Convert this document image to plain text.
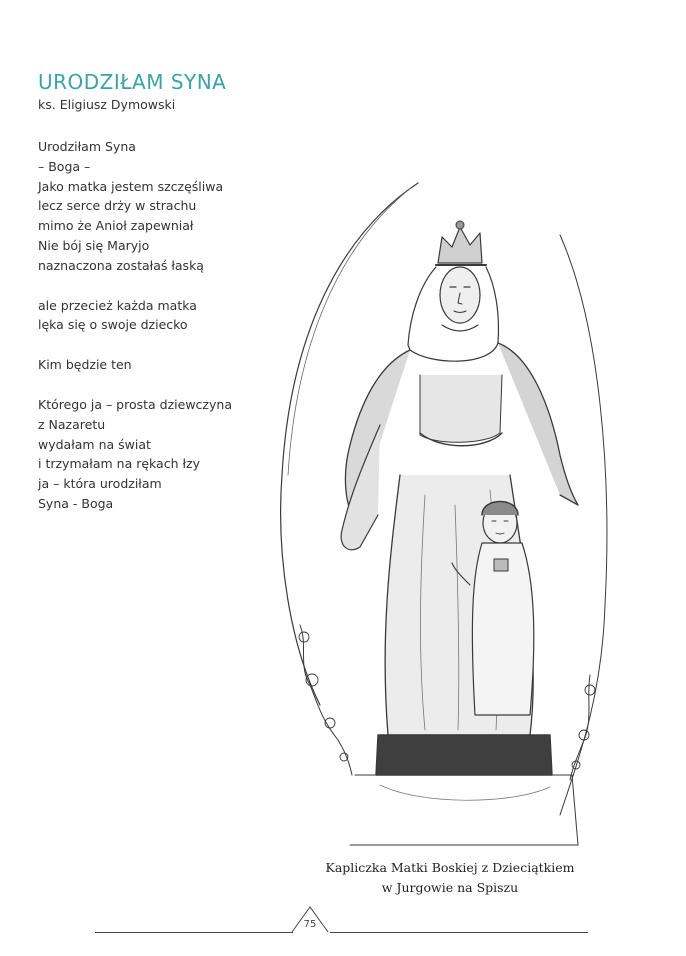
URODZIŁAM SYNA
ks. Eligiusz Dymowski
Urodziłam Syna
– Boga –
Jako matka jestem szczęśliwa
lecz serce drży w strachu
mimo że Anioł zapewniał
Nie bój się Maryjo
naznaczona zostałaś łaską
ale przecież każda matka
lęka się o swoje dziecko
Kim będzie ten
Którego ja – prosta dziewczyna
z Nazaretu
wydałam na świat
i trzymałam na rękach łzy
ja – która urodziłam
Syna - Boga
Kapliczka Matki Boskiej z Dzieciątkiem
w Jurgowie na Spiszu
75
